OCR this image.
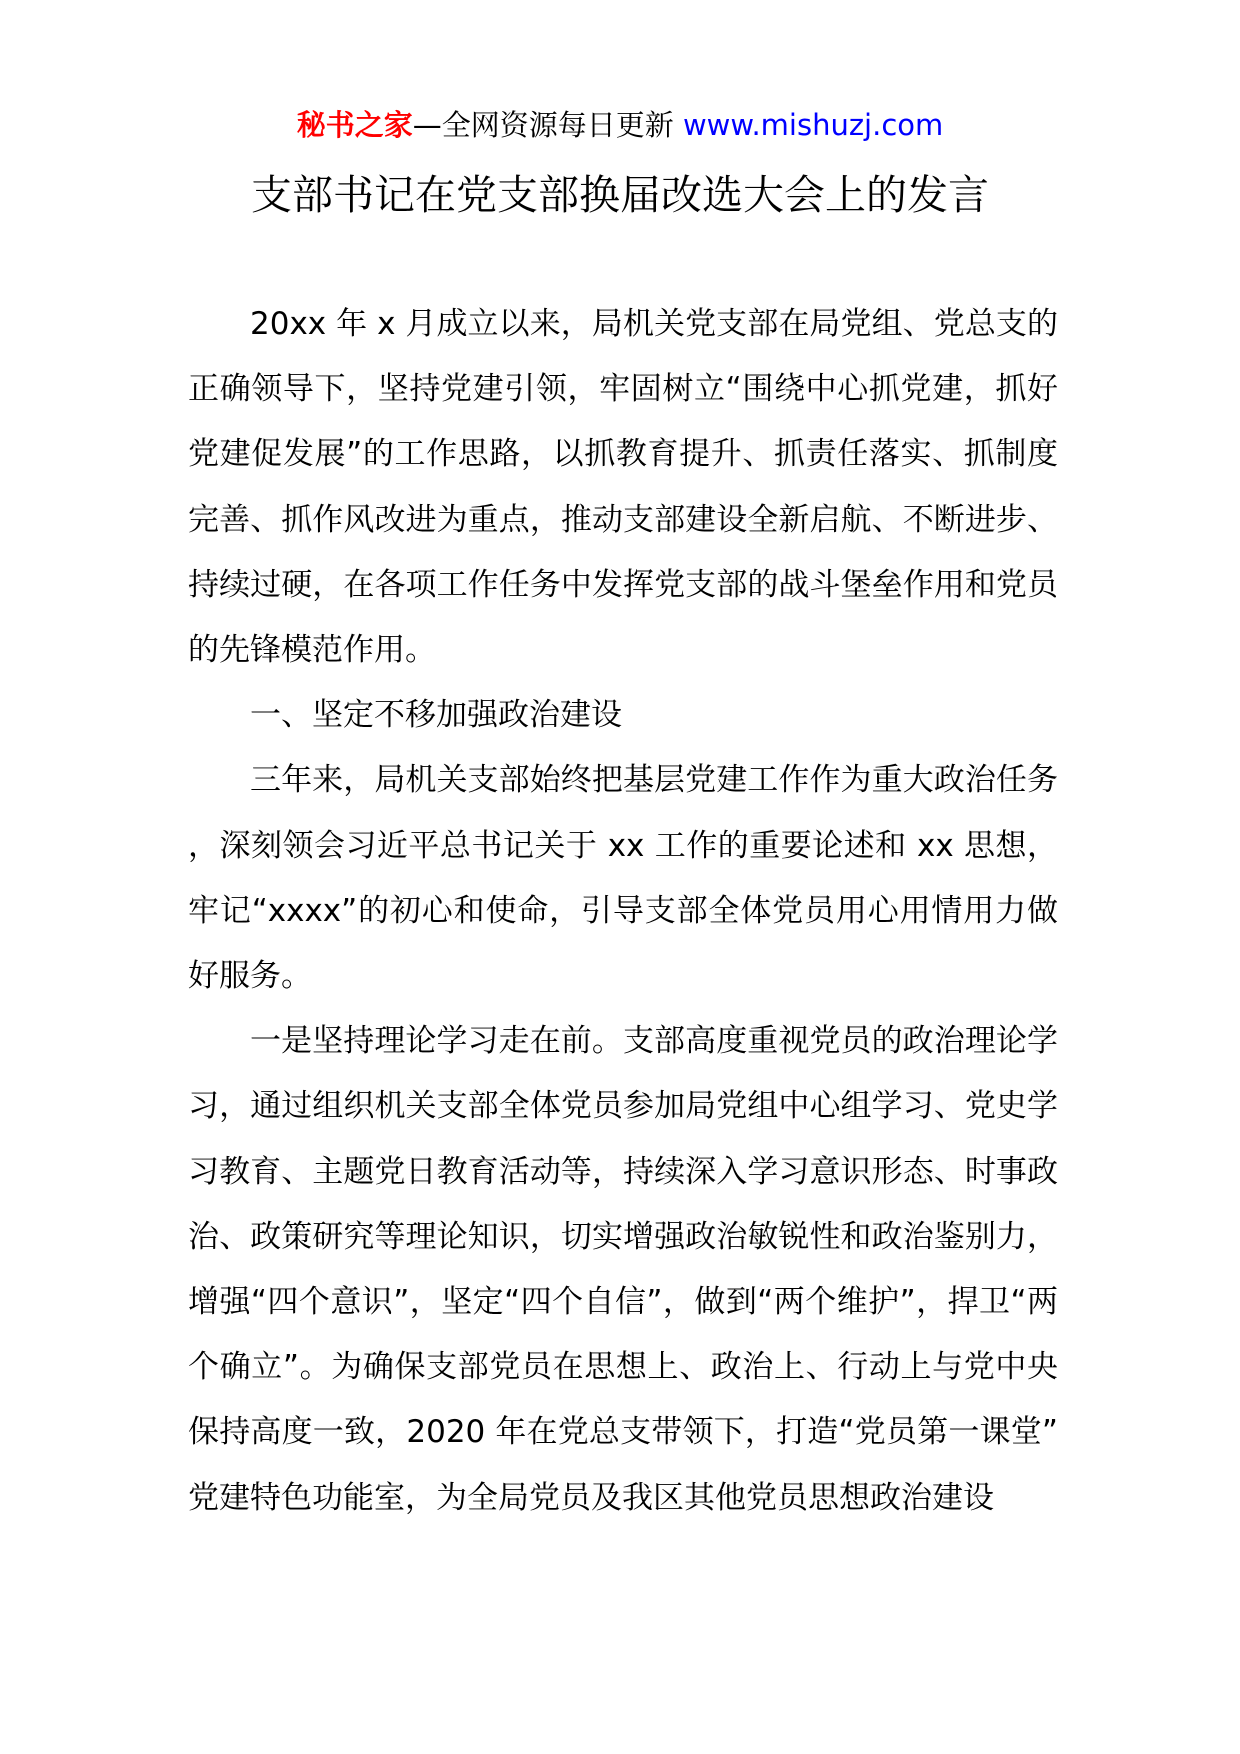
秘书之家—全网资源每日更新 www.mishuzj.com
支部书记在党支部换届改选大会上的发言

20xx 年 x 月成立以来，局机关党支部在局党组、党总支的正确领导下，坚持党建引领，牢固树立“围绕中心抓党建，抓好党建促发展”的工作思路，以抓教育提升、抓责任落实、抓制度完善、抓作风改进为重点，推动支部建设全新启航、不断进步、持续过硬，在各项工作任务中发挥党支部的战斗堡垒作用和党员的先锋模范作用。

一、坚定不移加强政治建设

三年来，局机关支部始终把基层党建工作作为重大政治任务，深刻领会习近平总书记关于 xx 工作的重要论述和 xx 思想，牢记“xxxx”的初心和使命，引导支部全体党员用心用情用力做好服务。

一是坚持理论学习走在前。支部高度重视党员的政治理论学习，通过组织机关支部全体党员参加局党组中心组学习、党史学习教育、主题党日教育活动等，持续深入学习意识形态、时事政治、政策研究等理论知识，切实增强政治敏锐性和政治鉴别力，增强“四个意识”，坚定“四个自信”，做到“两个维护”，捍卫“两个确立”。为确保支部党员在思想上、政治上、行动上与党中央保持高度一致，2020 年在党总支带领下，打造“党员第一课堂”党建特色功能室，为全局党员及我区其他党员思想政治建设
